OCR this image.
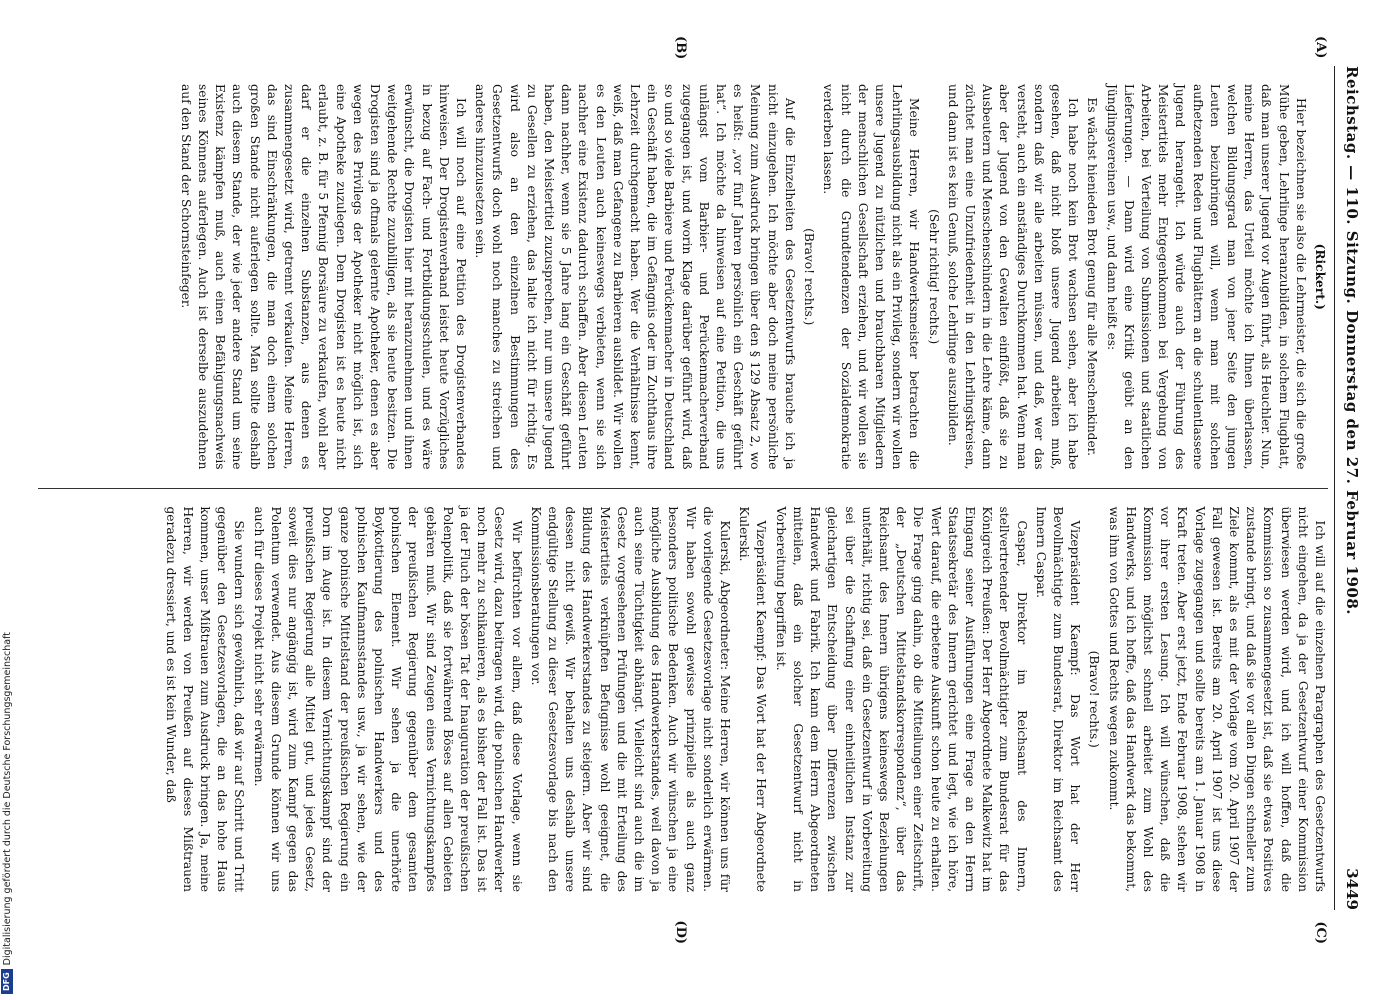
Reichstag. — 110. Sitzung. Donnerstag den 27. Februar 1908.
3449
(A)
(B)
(C)
(D)

(Rickert.)

Hier bezeichnen sie also die Lehrmeister, die sich die große Mühe geben, Lehrlinge heranzubilden, in solchem Flugblatt, daß man unserer Jugend vor Augen führt, als Heuchler. Nun, meine Herren, das Urteil möchte ich Ihnen überlassen, welchen Bildungsgrad man von jener Seite den jungen Leuten beizubringen will, wenn man mit solchen aufhetzenden Reden und Flugblättern an die schulentlassene Jugend herangeht. Ich würde auch der Führung des Meistertitels mehr Entgegenkommen bei Vergebung von Arbeiten, bei Verteilung von Submissionen und staatlichen Lieferungen. — Dann wird eine Kritik geübt an den Jünglingsvereinen usw., und dann heißt es:

Es wächst hienieden Brot genug für alle Menschenkinder.

Ich habe noch kein Brot wachsen sehen, aber ich habe gesehen, daß nicht bloß unsere Jugend arbeiten muß, sondern daß wir alle arbeiten müssen, und daß, wer das versteht, auch ein anständiges Durchkommen hat. Wenn man aber der Jugend von den Gewalten einflößt, daß sie zu Ausbeutern und Menschenschindern in die Lehre käme, dann züchtet man eine Unzufriedenheit in den Lehrlingskreisen, und dann ist es kein Genuß, solche Lehrlinge auszubilden.

(Sehr richtig! rechts.)

Meine Herren, wir Handwerksmeister betrachten die Lehrlingsausbildung nicht als ein Privileg, sondern wir wollen unsere Jugend zu nützlichen und brauchbaren Mitgliedern der menschlichen Gesellschaft erziehen, und wir wollen sie nicht durch die Grundtendenzen der Sozialdemokratie verderben lassen.

(Bravo! rechts.)

Auf die Einzelheiten des Gesetzentwurfs brauche ich ja nicht einzugehen. Ich möchte aber doch meine persönliche Meinung zum Ausdruck bringen über den § 129 Absatz 2, wo es heißt: „vor fünf Jahren persönlich ein Geschäft geführt hat“. Ich möchte da hinweisen auf eine Petition, die uns unlängst vom Barbier- und Perückenmacherverband zugegangen ist, und worin Klage darüber geführt wird, daß so und so viele Barbiere und Perückenmacher in Deutschland ein Geschäft haben, die im Gefängnis oder im Zuchthaus ihre Lehrzeit durchgemacht haben. Wer die Verhältnisse kennt, weiß, daß man Gefangene zu Barbieren ausbildet. Wir wollen es den Leuten auch keineswegs verbieten, wenn sie sich nachher eine Existenz dadurch schaffen. Aber diesen Leuten dann nachher, wenn sie 5 Jahre lang ein Geschäft geführt haben, den Meistertitel zuzusprechen, nur um unsere Jugend zu Gesellen zu erziehen, das halte ich nicht für richtig. Es wird also an den einzelnen Bestimmungen des Gesetzentwurfs doch wohl noch manches zu streichen und anderes hinzuzusetzen sein.

Ich will noch auf eine Petition des Drogistenverbandes hinweisen. Der Drogistenverband leistet heute Vorzügliches in bezug auf Fach- und Fortbildungsschulen, und es wäre erwünscht, die Drogisten hier mit heranzunehmen und ihnen weitgehende Rechte zuzubilligen, als sie heute besitzen. Die Drogisten sind ja oftmals gelernte Apotheker, denen es aber wegen des Privilegs der Apotheker nicht möglich ist, sich eine Apotheke zuzulegen. Dem Drogisten ist es heute nicht erlaubt, z. B. für 5 Pfennig Borsäure zu verkaufen, wohl aber darf er die einzelnen Substanzen, aus denen es zusammengesetzt wird, getrennt verkaufen. Meine Herren, das sind Einschränkungen, die man doch einem solchen großen Stande nicht auferlegen sollte. Man sollte deshalb auch diesem Stande, der wie jeder andere Stand um seine Existenz kämpfen muß, auch einen Befähigungsnachweis seines Könnens auferlegen. Auch ist derselbe auszudehnen auf den Stand der Schornsteinfeger.

Ich will auf die einzelnen Paragraphen des Gesetzentwurfs nicht eingehen, da ja der Gesetzentwurf einer Kommission überwiesen werden wird, und ich will hoffen, daß die Kommission so zusammengesetzt ist, daß sie etwas Positives zustande bringt, und daß sie vor allen Dingen schneller zum Ziele kommt, als es mit der Vorlage vom 20. April 1907 der Fall gewesen ist. Bereits am 20. April 1907 ist uns diese Vorlage zugegangen und sollte bereits am 1. Januar 1908 in Kraft treten. Aber erst jetzt, Ende Februar 1908, stehen wir vor ihrer ersten Lesung. Ich will wünschen, daß die Kommission möglichst schnell arbeitet zum Wohl des Handwerks, und ich hoffe, daß das Handwerk das bekommt, was ihm von Gottes und Rechts wegen zukommt.

(Bravo! rechts.)

Vizepräsident Kaempf: Das Wort hat der Herr Bevollmächtigte zum Bundesrat, Direktor im Reichsamt des Innern Caspar.

Caspar, Direktor im Reichsamt des Innern, stellvertretender Bevollmächtigter zum Bundesrat für das Königreich Preußen: Der Herr Abgeordnete Malkewitz hat im Eingang seiner Ausführungen eine Frage an den Herrn Staatssekretär des Innern gerichtet und legt, wie ich höre, Wert darauf, die erbetene Auskunft schon heute zu erhalten. Die Frage ging dahin, ob die Mitteilungen einer Zeitschrift, der „Deutschen Mittelstandskorrespondenz“, über das Reichsamt des Innern übrigens keineswegs Beziehungen unterhält, richtig sei, daß ein Gesetzentwurf in Vorbereitung sei über die Schaffung einer einheitlichen Instanz zur gleichartigen Entscheidung über Differenzen zwischen Handwerk und Fabrik. Ich kann dem Herrn Abgeordneten mitteilen, daß ein solcher Gesetzentwurf nicht in Vorbereitung begriffen ist.

Vizepräsident Kaempf: Das Wort hat der Herr Abgeordnete Kulerski.

Kulerski, Abgeordneter: Meine Herren, wir können uns für die vorliegende Gesetzesvorlage nicht sonderlich erwärmen. Wir haben sowohl gewisse prinzipielle als auch ganz besonders politische Bedenken. Auch wir wünschen ja eine mögliche Ausbildung des Handwerkerstandes, weil davon ja auch seine Tüchtigkeit abhängt. Vielleicht sind auch die im Gesetz vorgesehenen Prüfungen und die mit Erteilung des Meistertitels verknüpften Befugnisse wohl geeignet, die Bildung des Handwerkerstandes zu steigern. Aber wir sind dessen nicht gewiß. Wir behalten uns deshalb unsere endgültige Stellung zu dieser Gesetzesvorlage bis nach den Kommissionsberatungen vor.

Wir befürchten vor allem, daß diese Vorlage, wenn sie Gesetz wird, dazu beitragen wird, die polnischen Handwerker noch mehr zu schikanieren, als es bisher der Fall ist. Das ist ja der Fluch der bösen Tat der Inauguration der preußischen Polenpolitik, daß sie fortwährend Böses auf allen Gebieten gebären muß. Wir sind Zeugen eines Vernichtungskampfes der preußischen Regierung gegenüber dem gesamten polnischen Element. Wir sehen ja die unerhörte Boykottierung des polnischen Handwerkers und des polnischen Kaufmannsstandes usw., ja wir sehen, wie der ganze polnische Mittelstand der preußischen Regierung ein Dorn im Auge ist. In diesem Vernichtungskampf sind der preußischen Regierung alle Mittel gut, und jedes Gesetz, soweit dies nur angängig ist, wird zum Kampf gegen das Polentum verwendet. Aus diesem Grunde können wir uns auch für dieses Projekt nicht sehr erwärmen.

Sie wundern sich gewöhnlich, daß wir auf Schritt und Tritt gegenüber den Gesetzesvorlagen, die an das hohe Haus kommen, unser Mißtrauen zum Ausdruck bringen. Ja, meine Herren, wir werden von Preußen auf dieses Mißtrauen geradezu dressiert, und es ist kein Wunder, daß

DFG
Digitalisierung gefördert durch die Deutsche Forschungsgemeinschaft
